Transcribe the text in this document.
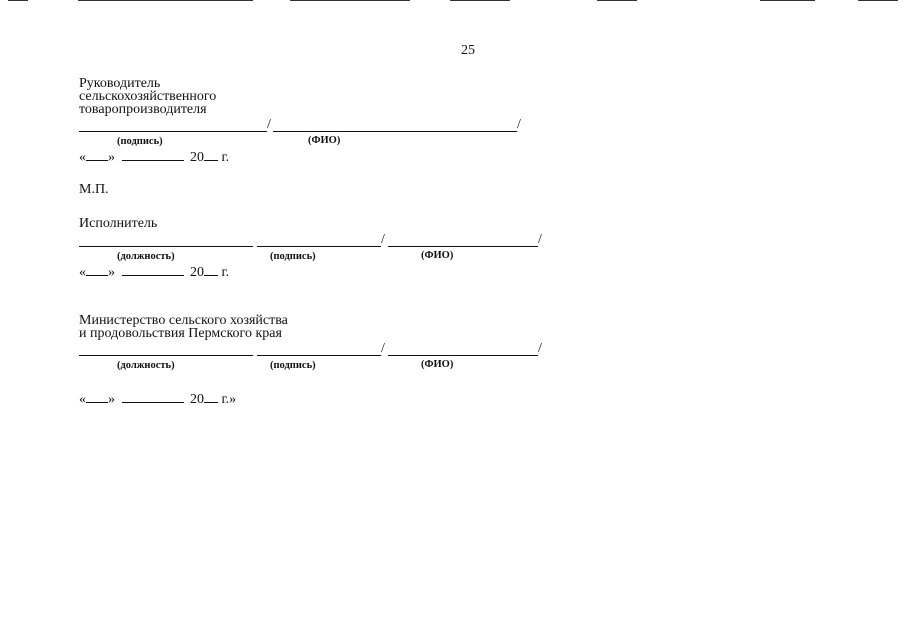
25
Руководитель
сельскохозяйственного
товаропроизводителя
/	/
(подпись)	(ФИО)
« »	20 г.
М.П.
Исполнитель
/	/
(должность)	(подпись)	(ФИО)
« »	20 г.
Министерство сельского хозяйства
и продовольствия Пермского края
/	/
(должность)	(подпись)	(ФИО)
« »	20 г.»
